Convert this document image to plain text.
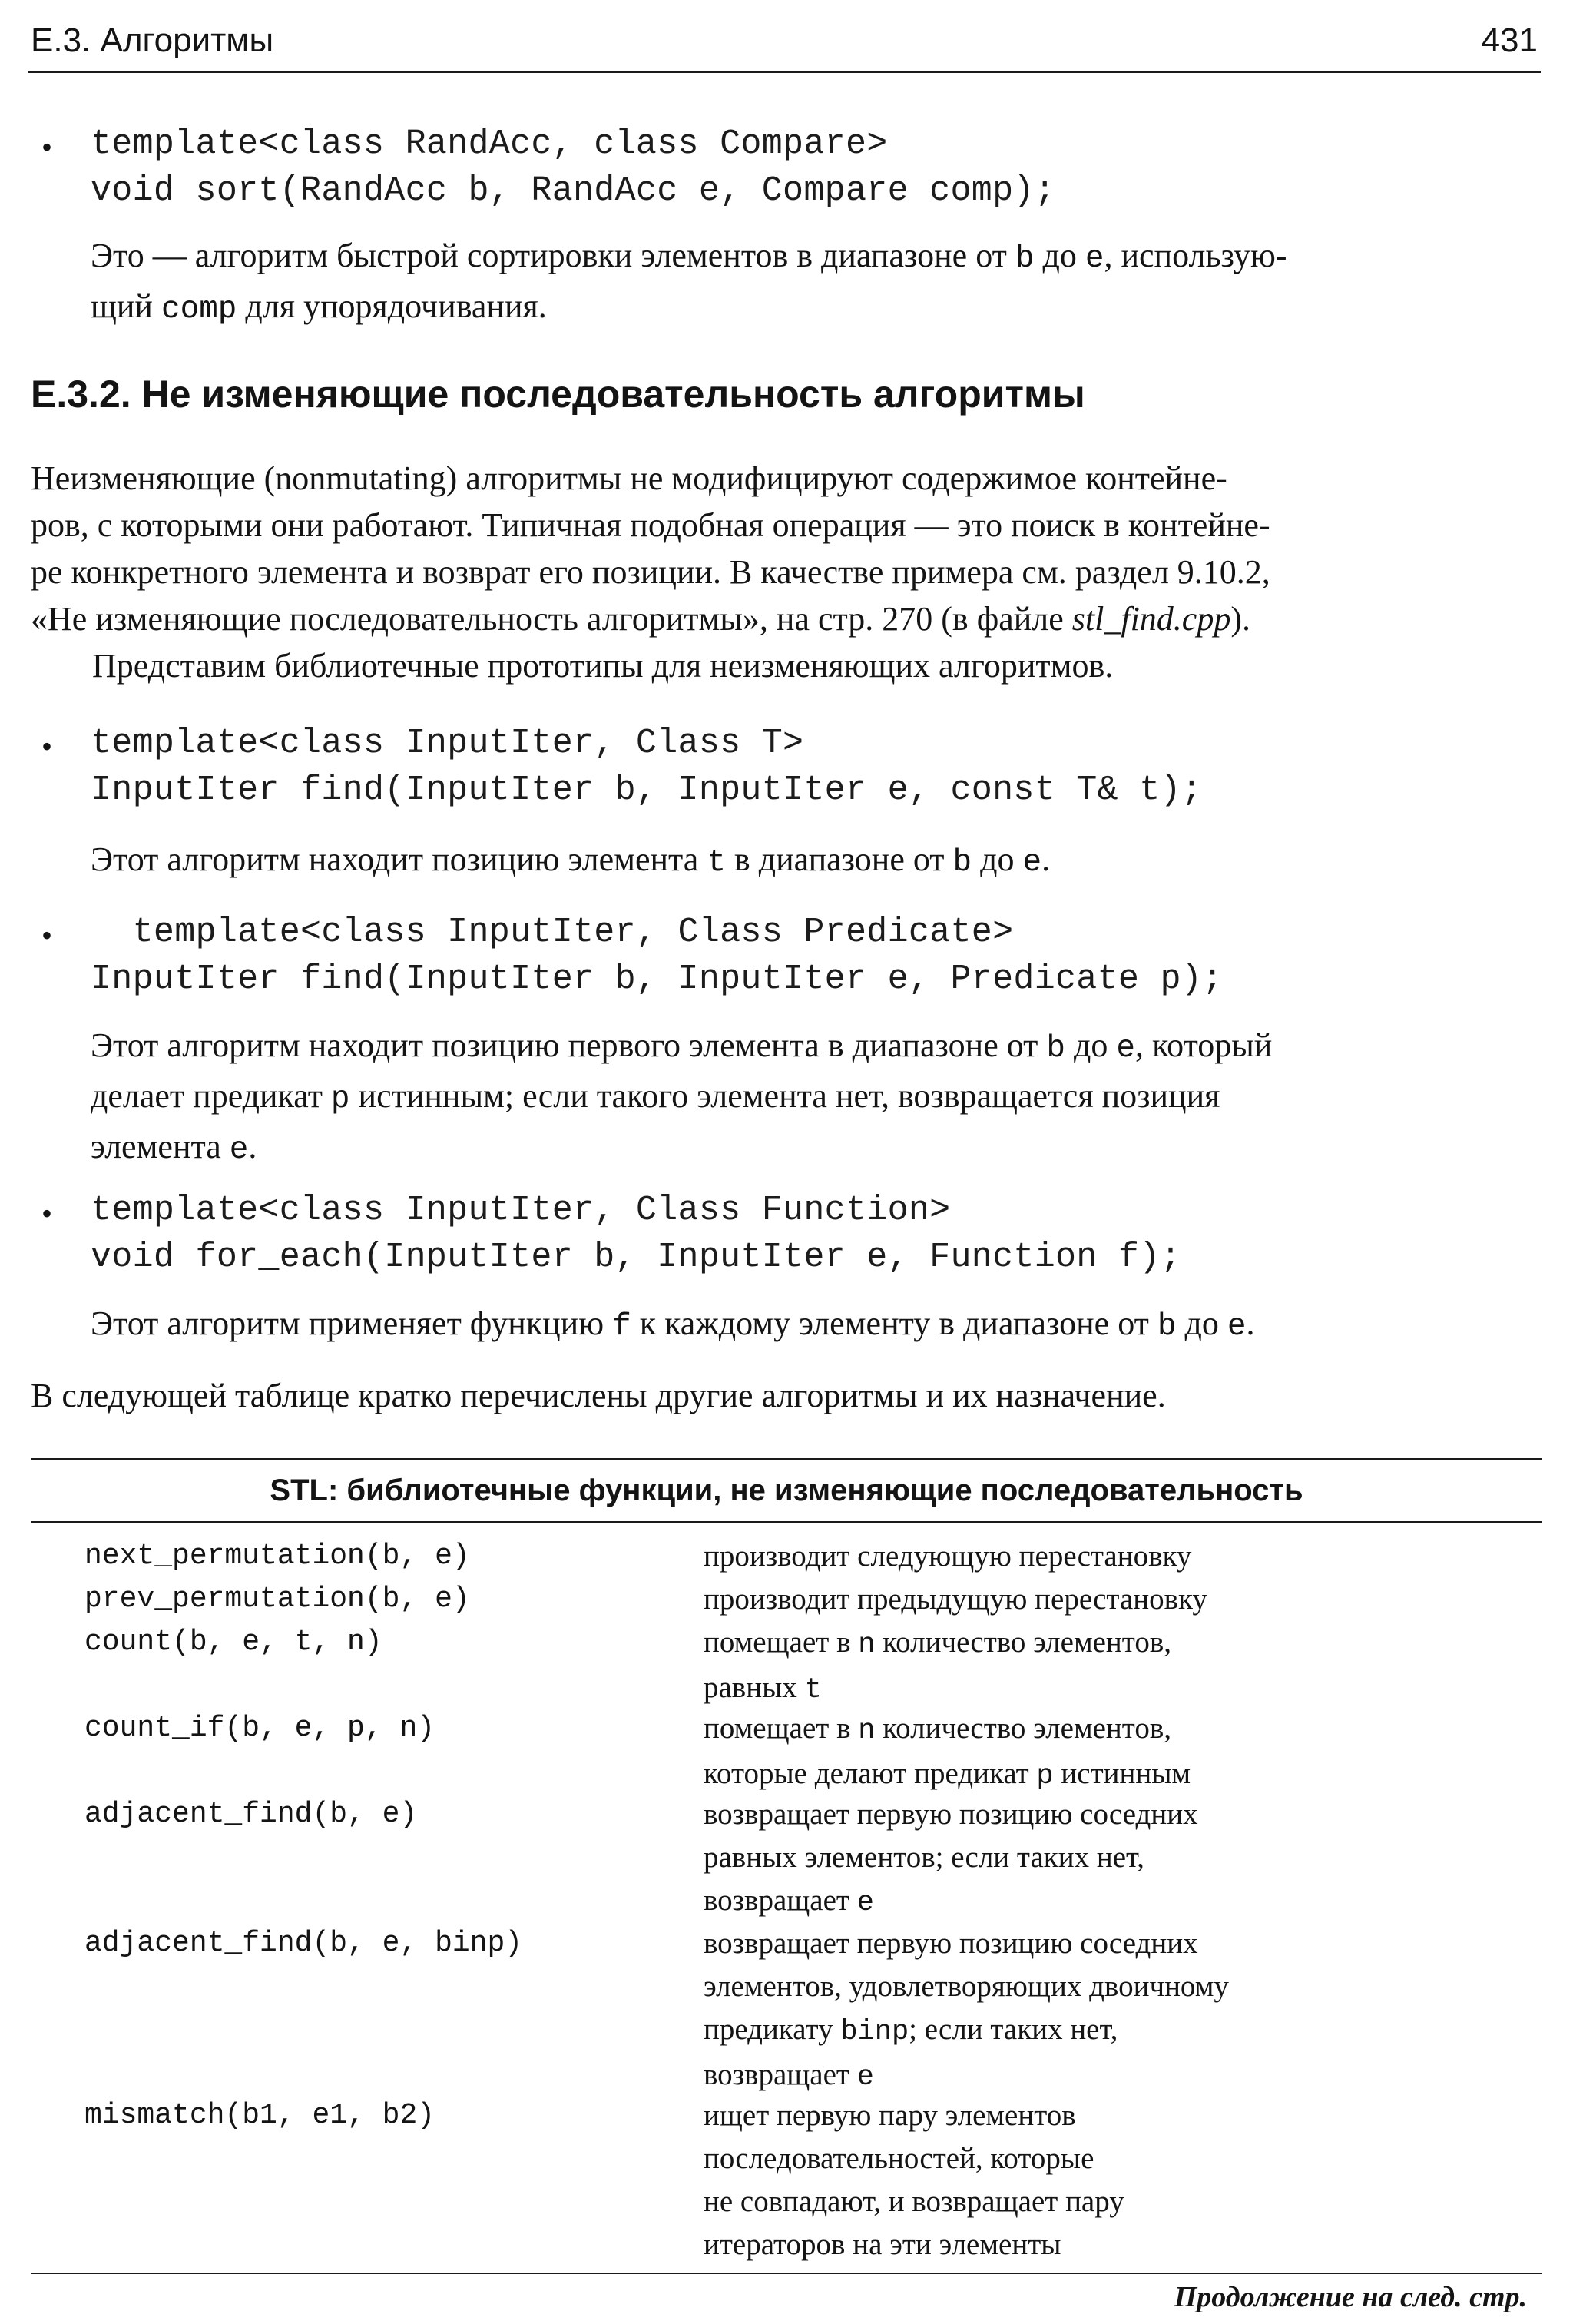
Е.3. Алгоритмы	431
• template<class RandAcc, class Compare>
void sort(RandAcc b, RandAcc e, Compare comp);

Это — алгоритм быстрой сортировки элементов в диапазоне от b до e, использую-

щий comp для упорядочивания.

Е.3.2. Не изменяющие последовательность алгоритмы

Неизменяющие (nonmutating) алгоритмы не модифицируют содержимое контейне-

ров, с которыми они работают. Типичная подобная операция — это поиск в контейне-

ре конкретного элемента и возврат его позиции. В качестве примера см. раздел 9.10.2,

«Не изменяющие последовательность алгоритмы», на стр. 270 (в файле stl_find.cpp).

Представим библиотечные прототипы для неизменяющих алгоритмов.

• template<class InputIter, Class T>
InputIter find(InputIter b, InputIter e, const T& t);

Этот алгоритм находит позицию элемента t в диапазоне от b до e.

• template<class InputIter, Class Predicate>
InputIter find(InputIter b, InputIter e, Predicate p);

Этот алгоритм находит позицию первого элемента в диапазоне от b до e, который

делает предикат p истинным; если такого элемента нет, возвращается позиция

элемента e.

• template<class InputIter, Class Function>
void for_each(InputIter b, InputIter e, Function f);

Этот алгоритм применяет функцию f к каждому элементу в диапазоне от b до e.

В следующей таблице кратко перечислены другие алгоритмы и их назначение.

STL: библиотечные функции, не изменяющие последовательность
next_permutation(b, e)	производит следующую перестановку

prev_permutation(b, e)	производит предыдущую перестановку

count(b, e, t, n)	помещает в n количество элементов,

равных t

count_if(b, e, p, n)	помещает в n количество элементов,

которые делают предикат p истинным

adjacent_find(b, e)	возвращает первую позицию соседних

равных элементов; если таких нет,

возвращает e

adjacent_find(b, e, binp)	возвращает первую позицию соседних

элементов, удовлетворяющих двоичному

предикату binp; если таких нет,

возвращает e

mismatch(b1, e1, b2)	ищет первую пару элементов

последовательностей, которые

не совпадают, и возвращает пару

итераторов на эти элементы

Продолжение на след. стр.
